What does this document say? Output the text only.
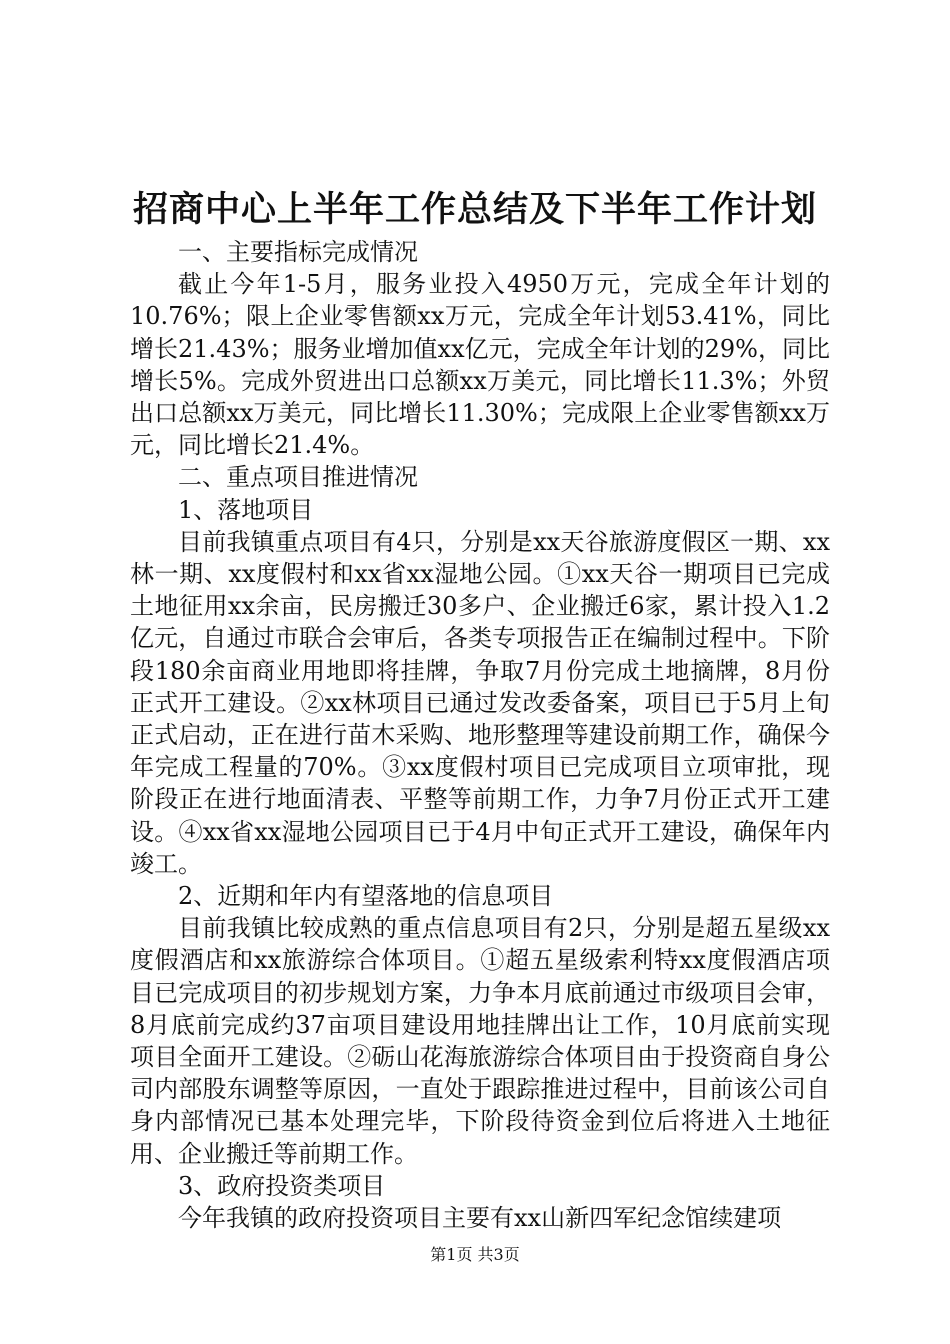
招商中心上半年工作总结及下半年工作计划

一、主要指标完成情况

截止今年1-5月，服务业投入4950万元，完成全年计划的10.76%；限上企业零售额xx万元，完成全年计划53.41%，同比增长21.43%；服务业增加值xx亿元，完成全年计划的29%，同比增长5%。完成外贸进出口总额xx万美元，同比增长11.3%；外贸出口总额xx万美元，同比增长11.30%；完成限上企业零售额xx万元，同比增长21.4%。

二、重点项目推进情况

1、落地项目

目前我镇重点项目有4只，分别是xx天谷旅游度假区一期、xx林一期、xx度假村和xx省xx湿地公园。①xx天谷一期项目已完成土地征用xx余亩，民房搬迁30多户、企业搬迁6家，累计投入1.2亿元，自通过市联合会审后，各类专项报告正在编制过程中。下阶段180余亩商业用地即将挂牌，争取7月份完成土地摘牌，8月份正式开工建设。②xx林项目已通过发改委备案，项目已于5月上旬正式启动，正在进行苗木采购、地形整理等建设前期工作，确保今年完成工程量的70%。③xx度假村项目已完成项目立项审批，现阶段正在进行地面清表、平整等前期工作，力争7月份正式开工建设。④xx省xx湿地公园项目已于4月中旬正式开工建设，确保年内竣工。

2、近期和年内有望落地的信息项目

目前我镇比较成熟的重点信息项目有2只，分别是超五星级xx度假酒店和xx旅游综合体项目。①超五星级索利特xx度假酒店项目已完成项目的初步规划方案，力争本月底前通过市级项目会审，8月底前完成约37亩项目建设用地挂牌出让工作，10月底前实现项目全面开工建设。②砺山花海旅游综合体项目由于投资商自身公司内部股东调整等原因，一直处于跟踪推进过程中，目前该公司自身内部情况已基本处理完毕，下阶段待资金到位后将进入土地征用、企业搬迁等前期工作。

3、政府投资类项目

今年我镇的政府投资项目主要有xx山新四军纪念馆续建项

第1页 共3页
